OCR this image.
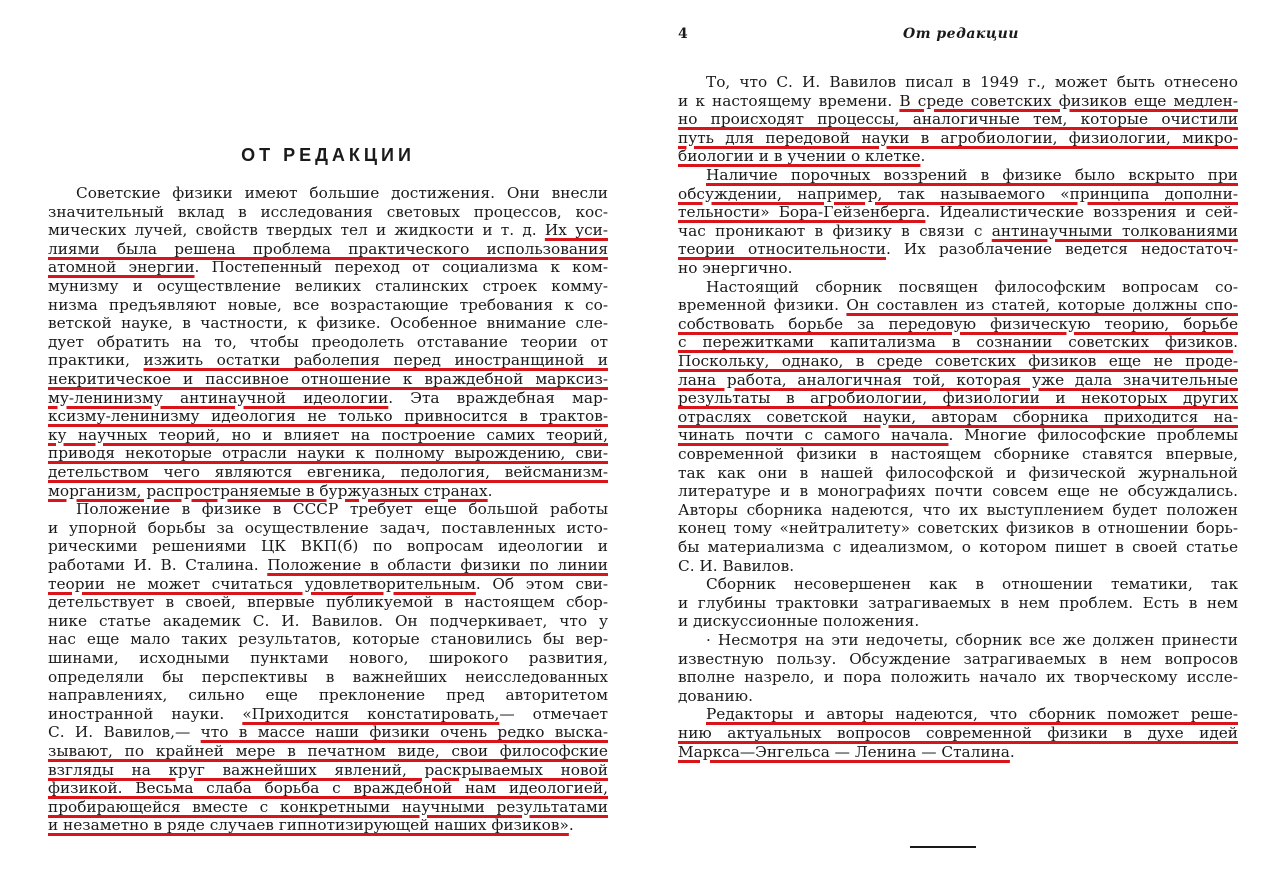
ОТ РЕДАКЦИИ
Советские физики имеют большие достижения. Они внесли
значительный вклад в исследования световых процессов, кос-
мических лучей, свойств твердых тел и жидкости и т. д. Их уси-
лиями была решена проблема практического использования
атомной энергии. Постепенный переход от социализма к ком-
мунизму и осуществление великих сталинских строек комму-
низма предъявляют новые, все возрастающие требования к со-
ветской науке, в частности, к физике. Особенное внимание сле-
дует обратить на то, чтобы преодолеть отставание теории от
практики, изжить остатки раболепия перед иностранщиной и
некритическое и пассивное отношение к враждебной марксиз-
му-ленинизму антинаучной идеологии. Эта враждебная мар-
ксизму-ленинизму идеология не только привносится в трактов-
ку научных теорий, но и влияет на построение самих теорий,
приводя некоторые отрасли науки к полному вырождению, сви-
детельством чего являются евгеника, педология, вейсманизм-
морганизм, распространяемые в буржуазных странах.
Положение в физике в СССР требует еще большой работы
и упорной борьбы за осуществление задач, поставленных исто-
рическими решениями ЦК ВКП(б) по вопросам идеологии и
работами И. В. Сталина. Положение в области физики по линии
теории не может считаться удовлетворительным. Об этом сви-
детельствует в своей, впервые публикуемой в настоящем сбор-
нике статье академик С. И. Вавилов. Он подчеркивает, что у
нас еще мало таких результатов, которые становились бы вер-
шинами, исходными пунктами нового, широкого развития,
определяли бы перспективы в важнейших неисследованных
направлениях, сильно еще преклонение пред авторитетом
иностранной науки. «Приходится констатировать,— отмечает
С. И. Вавилов,— что в массе наши физики очень редко выска-
зывают, по крайней мере в печатном виде, свои философские
взгляды на круг важнейших явлений, раскрываемых новой
физикой. Весьма слаба борьба с враждебной нам идеологией,
пробирающейся вместе с конкретными научными результатами
и незаметно в ряде случаев гипнотизирующей наших физиков».
4	От редакции
То, что С. И. Вавилов писал в 1949 г., может быть отнесено
и к настоящему времени. В среде советских физиков еще медлен-
но происходят процессы, аналогичные тем, которые очистили
путь для передовой науки в агробиологии, физиологии, микро-
биологии и в учении о клетке.
Наличие порочных воззрений в физике было вскрыто при
обсуждении, например, так называемого «принципа дополни-
тельности» Бора-Гейзенберга. Идеалистические воззрения и сей-
час проникают в физику в связи с антинаучными толкованиями
теории относительности. Их разоблачение ведется недостаточ-
но энергично.
Настоящий сборник посвящен философским вопросам со-
временной физики. Он составлен из статей, которые должны спо-
собствовать борьбе за передовую физическую теорию, борьбе
с пережитками капитализма в сознании советских физиков.
Поскольку, однако, в среде советских физиков еще не проде-
лана работа, аналогичная той, которая уже дала значительные
результаты в агробиологии, физиологии и некоторых других
отраслях советской науки, авторам сборника приходится на-
чинать почти с самого начала. Многие философские проблемы
современной физики в настоящем сборнике ставятся впервые,
так как они в нашей философской и физической журнальной
литературе и в монографиях почти совсем еще не обсуждались.
Авторы сборника надеются, что их выступлением будет положен
конец тому «нейтралитету» советских физиков в отношении борь-
бы материализма с идеализмом, о котором пишет в своей статье
С. И. Вавилов.
Сборник несовершенен как в отношении тематики, так
и глубины трактовки затрагиваемых в нем проблем. Есть в нем
и дискуссионные положения.
· Несмотря на эти недочеты, сборник все же должен принести
известную пользу. Обсуждение затрагиваемых в нем вопросов
вполне назрело, и пора положить начало их творческому иссле-
дованию.
Редакторы и авторы надеются, что сборник поможет реше-
нию актуальных вопросов современной физики в духе идей
Маркса—Энгельса — Ленина — Сталина.
